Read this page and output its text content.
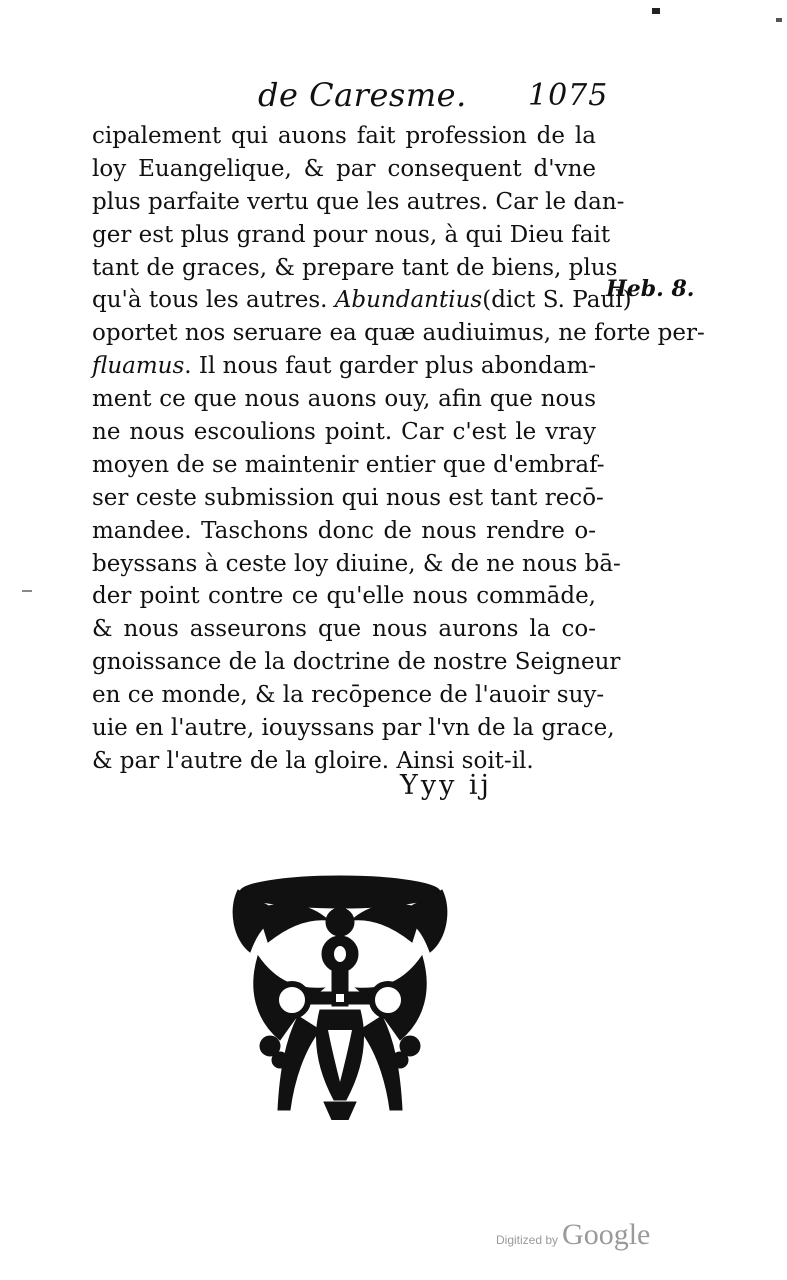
de Caresme. 1075
cipalement qui auons fait profession de la
loy Euangelique, & par consequent d'vne
plus parfaite vertu que les autres. Car le dan-
ger est plus grand pour nous, à qui Dieu fait
tant de graces, & prepare tant de biens, plus
qu'à tous les autres. Abundantius(dict S. Paul)
oportet nos seruare ea quæ audiuimus, ne forte per-
fluamus. Il nous faut garder plus abondam-
ment ce que nous auons ouy, afin que nous
ne nous escoulions point. Car c'est le vray
moyen de se maintenir entier que d'embraf-
ser ceste submission qui nous est tant recō-
mandee. Taschons donc de nous rendre o-
beyssans à ceste loy diuine, & de ne nous bā-
der point contre ce qu'elle nous commāde,
& nous asseurons que nous aurons la co-
gnoissance de la doctrine de nostre Seigneur
en ce monde, & la recōpence de l'auoir suy-
uie en l'autre, iouyssans par l'vn de la grace,
& par l'autre de la gloire. Ainsi soit-il.
Heb. 8.
Yyy ij
Digitized by Google
